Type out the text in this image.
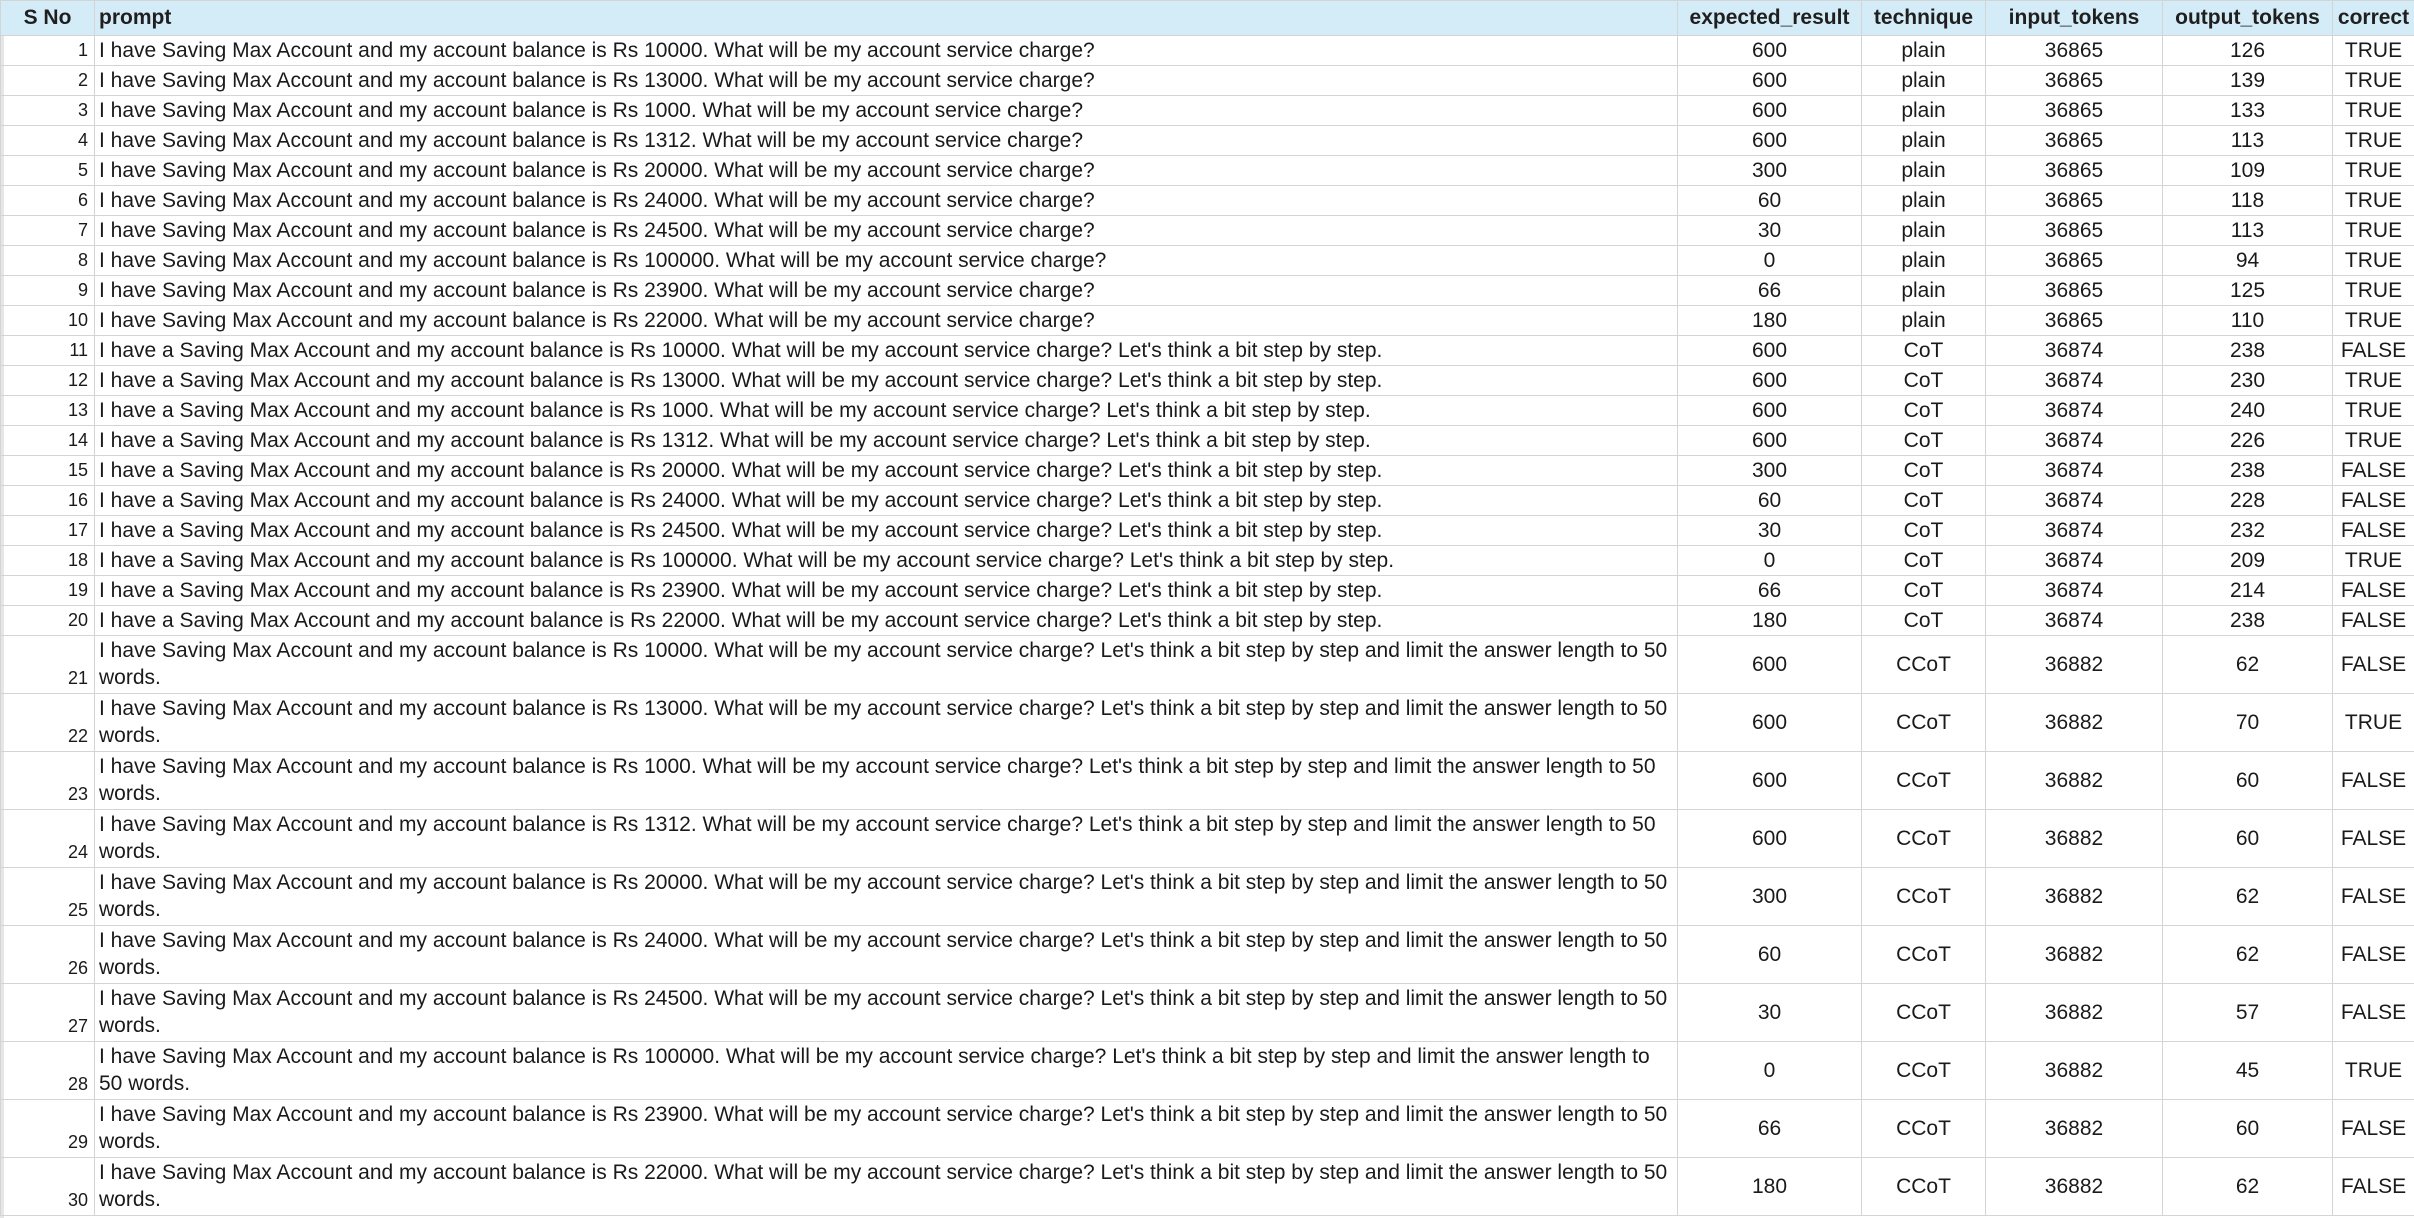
S No	prompt	expected_result	technique	input_tokens	output_tokens	correct
1	I have Saving Max Account and my account balance is Rs 10000. What will be my account service charge?	600	plain	36865	126	TRUE
2	I have Saving Max Account and my account balance is Rs 13000. What will be my account service charge?	600	plain	36865	139	TRUE
3	I have Saving Max Account and my account balance is Rs 1000. What will be my account service charge?	600	plain	36865	133	TRUE
4	I have Saving Max Account and my account balance is Rs 1312. What will be my account service charge?	600	plain	36865	113	TRUE
5	I have Saving Max Account and my account balance is Rs 20000. What will be my account service charge?	300	plain	36865	109	TRUE
6	I have Saving Max Account and my account balance is Rs 24000. What will be my account service charge?	60	plain	36865	118	TRUE
7	I have Saving Max Account and my account balance is Rs 24500. What will be my account service charge?	30	plain	36865	113	TRUE
8	I have Saving Max Account and my account balance is Rs 100000. What will be my account service charge?	0	plain	36865	94	TRUE
9	I have Saving Max Account and my account balance is Rs 23900. What will be my account service charge?	66	plain	36865	125	TRUE
10	I have Saving Max Account and my account balance is Rs 22000. What will be my account service charge?	180	plain	36865	110	TRUE
11	I have a Saving Max Account and my account balance is Rs 10000. What will be my account service charge? Let's think a bit step by step.	600	CoT	36874	238	FALSE
12	I have a Saving Max Account and my account balance is Rs 13000. What will be my account service charge? Let's think a bit step by step.	600	CoT	36874	230	TRUE
13	I have a Saving Max Account and my account balance is Rs 1000. What will be my account service charge? Let's think a bit step by step.	600	CoT	36874	240	TRUE
14	I have a Saving Max Account and my account balance is Rs 1312. What will be my account service charge? Let's think a bit step by step.	600	CoT	36874	226	TRUE
15	I have a Saving Max Account and my account balance is Rs 20000. What will be my account service charge? Let's think a bit step by step.	300	CoT	36874	238	FALSE
16	I have a Saving Max Account and my account balance is Rs 24000. What will be my account service charge? Let's think a bit step by step.	60	CoT	36874	228	FALSE
17	I have a Saving Max Account and my account balance is Rs 24500. What will be my account service charge? Let's think a bit step by step.	30	CoT	36874	232	FALSE
18	I have a Saving Max Account and my account balance is Rs 100000. What will be my account service charge? Let's think a bit step by step.	0	CoT	36874	209	TRUE
19	I have a Saving Max Account and my account balance is Rs 23900. What will be my account service charge? Let's think a bit step by step.	66	CoT	36874	214	FALSE
20	I have a Saving Max Account and my account balance is Rs 22000. What will be my account service charge? Let's think a bit step by step.	180	CoT	36874	238	FALSE
21	I have Saving Max Account and my account balance is Rs 10000. What will be my account service charge? Let's think a bit step by step and limit the answer length to 50 words.	600	CCoT	36882	62	FALSE
22	I have Saving Max Account and my account balance is Rs 13000. What will be my account service charge? Let's think a bit step by step and limit the answer length to 50 words.	600	CCoT	36882	70	TRUE
23	I have Saving Max Account and my account balance is Rs 1000. What will be my account service charge? Let's think a bit step by step and limit the answer length to 50 words.	600	CCoT	36882	60	FALSE
24	I have Saving Max Account and my account balance is Rs 1312. What will be my account service charge? Let's think a bit step by step and limit the answer length to 50 words.	600	CCoT	36882	60	FALSE
25	I have Saving Max Account and my account balance is Rs 20000. What will be my account service charge? Let's think a bit step by step and limit the answer length to 50 words.	300	CCoT	36882	62	FALSE
26	I have Saving Max Account and my account balance is Rs 24000. What will be my account service charge? Let's think a bit step by step and limit the answer length to 50 words.	60	CCoT	36882	62	FALSE
27	I have Saving Max Account and my account balance is Rs 24500. What will be my account service charge? Let's think a bit step by step and limit the answer length to 50 words.	30	CCoT	36882	57	FALSE
28	I have Saving Max Account and my account balance is Rs 100000. What will be my account service charge? Let's think a bit step by step and limit the answer length to 50 words.	0	CCoT	36882	45	TRUE
29	I have Saving Max Account and my account balance is Rs 23900. What will be my account service charge? Let's think a bit step by step and limit the answer length to 50 words.	66	CCoT	36882	60	FALSE
30	I have Saving Max Account and my account balance is Rs 22000. What will be my account service charge? Let's think a bit step by step and limit the answer length to 50 words.	180	CCoT	36882	62	FALSE
